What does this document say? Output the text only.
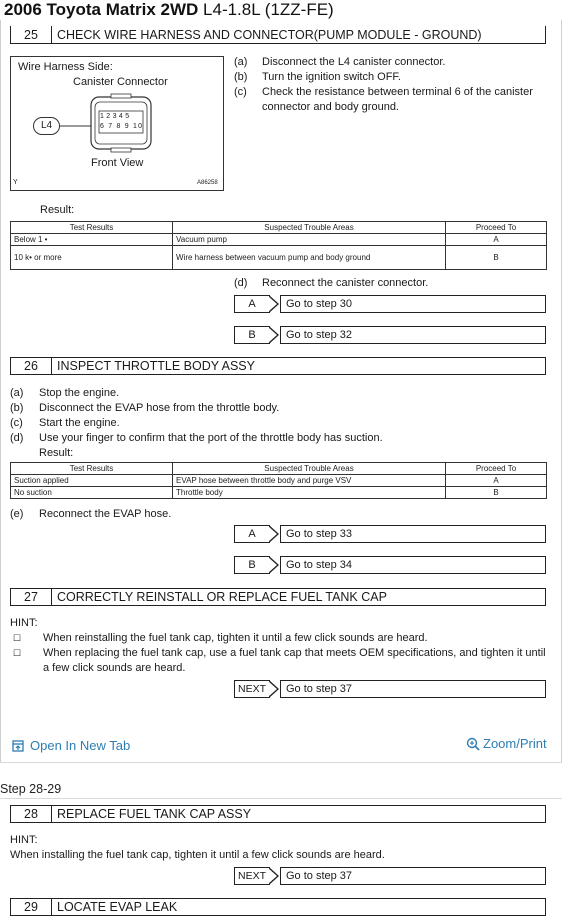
2006 Toyota Matrix 2WD L4-1.8L (1ZZ-FE)
25	CHECK WIRE HARNESS AND CONNECTOR(PUMP MODULE - GROUND)
Wire Harness Side:
Canister Connector
L4
12345
6 7 8 9 10
Front View
Y	A86258
(a)	Disconnect the L4 canister connector.
(b)	Turn the ignition switch OFF.
(c)	Check the resistance between terminal 6 of the canister connector and body ground.
Result:
Test Results	Suspected Trouble Areas	Proceed To
Below 1 •	Vacuum pump	A
10 k• or more	Wire harness between vacuum pump and body ground	B
(d)	Reconnect the canister connector.
A	Go to step 30
B	Go to step 32
26	INSPECT THROTTLE BODY ASSY
(a)	Stop the engine.
(b)	Disconnect the EVAP hose from the throttle body.
(c)	Start the engine.
(d)	Use your finger to confirm that the port of the throttle body has suction.
Result:
Test Results	Suspected Trouble Areas	Proceed To
Suction applied	EVAP hose between throttle body and purge VSV	A
No suction	Throttle body	B
(e)	Reconnect the EVAP hose.
A	Go to step 33
B	Go to step 34
27	CORRECTLY REINSTALL OR REPLACE FUEL TANK CAP
HINT:
☐	When reinstalling the fuel tank cap, tighten it until a few click sounds are heard.
☐	When replacing the fuel tank cap, use a fuel tank cap that meets OEM specifications, and tighten it until a few click sounds are heard.
NEXT	Go to step 37
Open In New Tab	Zoom/Print
Step 28-29
28	REPLACE FUEL TANK CAP ASSY
HINT:
When installing the fuel tank cap, tighten it until a few click sounds are heard.
NEXT	Go to step 37
29	LOCATE EVAP LEAK
